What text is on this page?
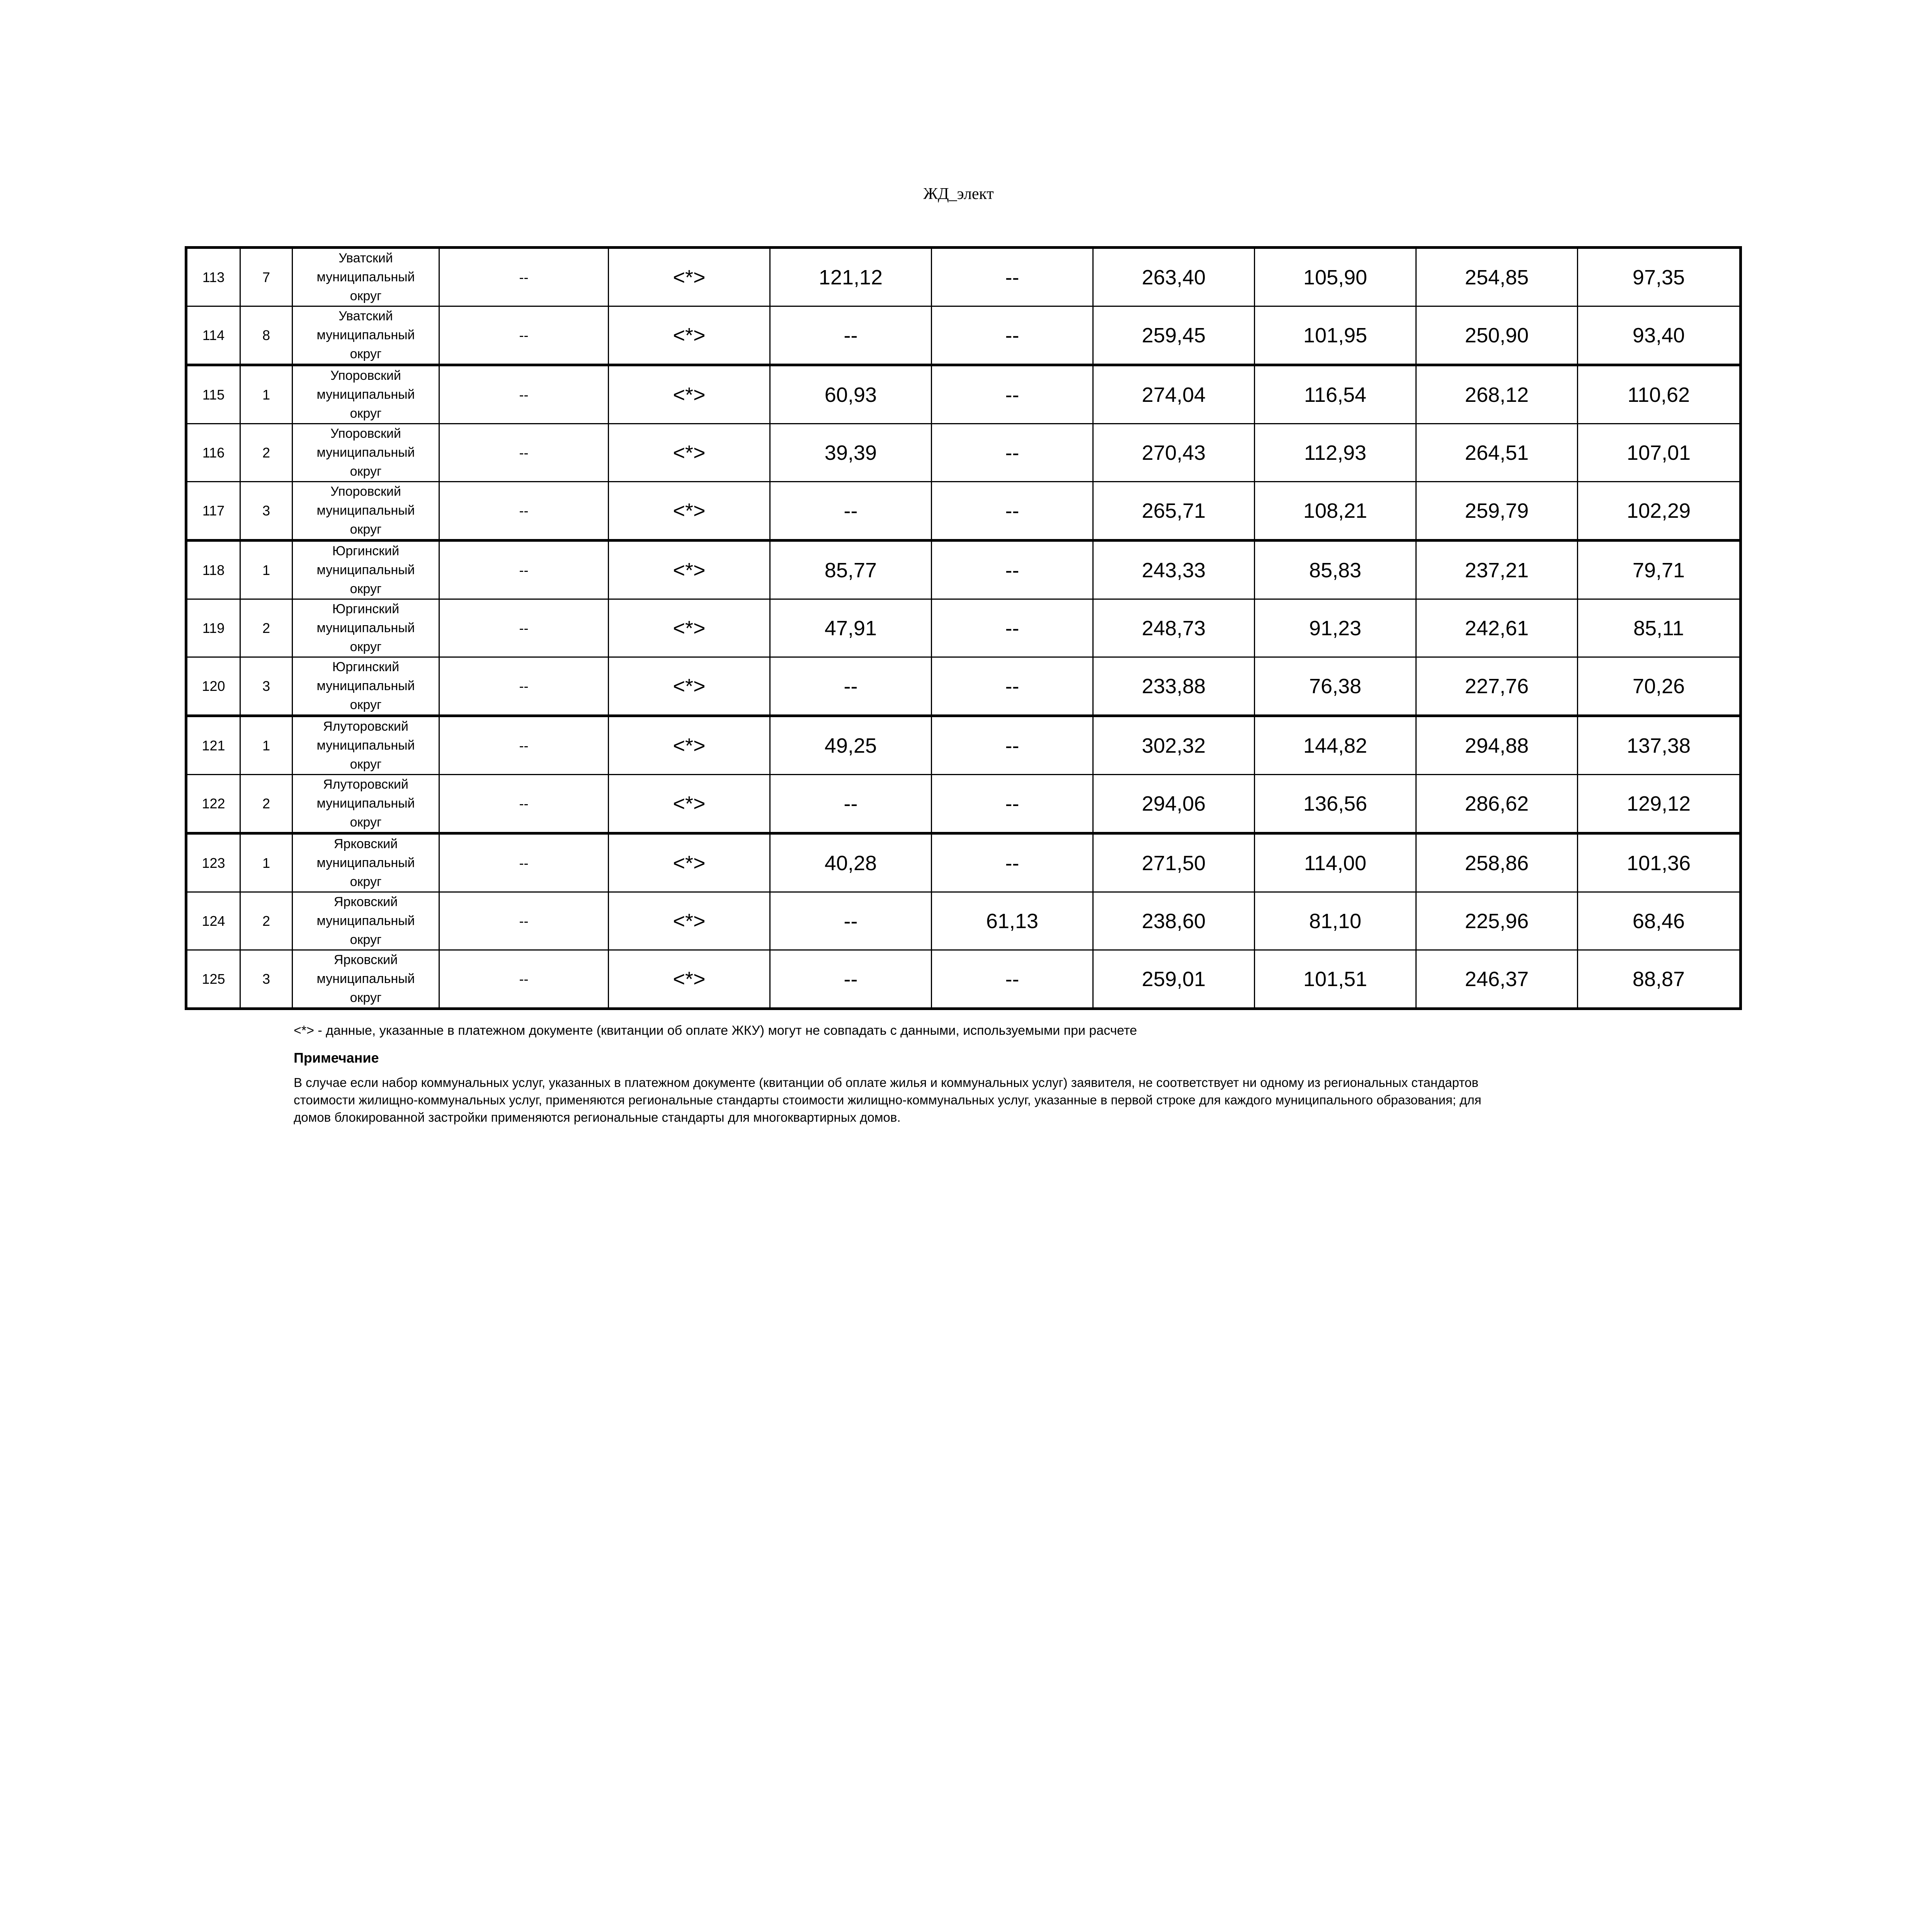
ЖД_элект
113	7	Уватский
муниципальный
округ	--	<*>	121,12	--	263,40	105,90	254,85	97,35
114	8	Уватский
муниципальный
округ	--	<*>	--	--	259,45	101,95	250,90	93,40
115	1	Упоровский
муниципальный
округ	--	<*>	60,93	--	274,04	116,54	268,12	110,62
116	2	Упоровский
муниципальный
округ	--	<*>	39,39	--	270,43	112,93	264,51	107,01
117	3	Упоровский
муниципальный
округ	--	<*>	--	--	265,71	108,21	259,79	102,29
118	1	Юргинский
муниципальный
округ	--	<*>	85,77	--	243,33	85,83	237,21	79,71
119	2	Юргинский
муниципальный
округ	--	<*>	47,91	--	248,73	91,23	242,61	85,11
120	3	Юргинский
муниципальный
округ	--	<*>	--	--	233,88	76,38	227,76	70,26
121	1	Ялуторовский
муниципальный
округ	--	<*>	49,25	--	302,32	144,82	294,88	137,38
122	2	Ялуторовский
муниципальный
округ	--	<*>	--	--	294,06	136,56	286,62	129,12
123	1	Ярковский
муниципальный
округ	--	<*>	40,28	--	271,50	114,00	258,86	101,36
124	2	Ярковский
муниципальный
округ	--	<*>	--	61,13	238,60	81,10	225,96	68,46
125	3	Ярковский
муниципальный
округ	--	<*>	--	--	259,01	101,51	246,37	88,87

<*> - данные, указанные в платежном документе (квитанции об оплате ЖКУ) могут не совпадать с данными, используемыми при расчете

Примечание

В случае если набор коммунальных услуг, указанных в платежном документе (квитанции об оплате жилья и коммунальных услуг) заявителя, не соответствует ни одному из региональных стандартов
стоимости жилищно-коммунальных услуг, применяются региональные стандарты стоимости жилищно-коммунальных услуг, указанные в первой строке для каждого муниципального образования; для
домов блокированной застройки применяются региональные стандарты для многоквартирных домов.
